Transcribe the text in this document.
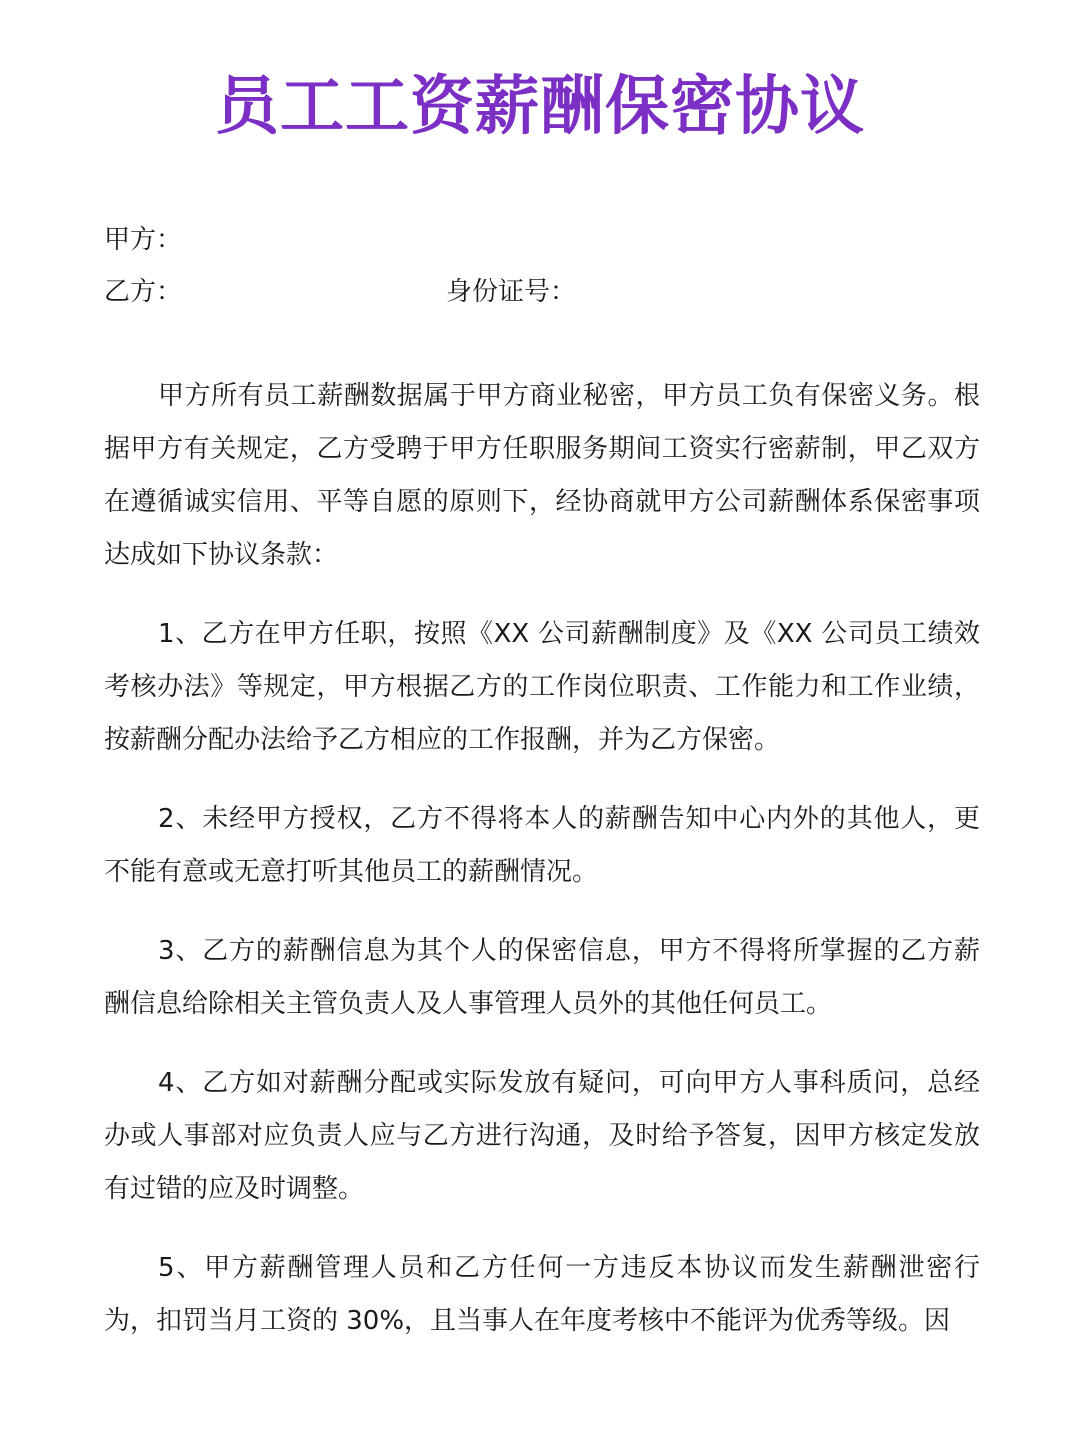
员工工资薪酬保密协议
甲方：
乙方：	身份证号：

甲方所有员工薪酬数据属于甲方商业秘密，甲方员工负有保密义务。根据甲方有关规定，乙方受聘于甲方任职服务期间工资实行密薪制，甲乙双方在遵循诚实信用、平等自愿的原则下，经协商就甲方公司薪酬体系保密事项达成如下协议条款：

1、乙方在甲方任职，按照《XX 公司薪酬制度》及《XX 公司员工绩效考核办法》等规定，甲方根据乙方的工作岗位职责、工作能力和工作业绩，按薪酬分配办法给予乙方相应的工作报酬，并为乙方保密。

2、未经甲方授权，乙方不得将本人的薪酬告知中心内外的其他人，更不能有意或无意打听其他员工的薪酬情况。

3、乙方的薪酬信息为其个人的保密信息，甲方不得将所掌握的乙方薪酬信息给除相关主管负责人及人事管理人员外的其他任何员工。

4、乙方如对薪酬分配或实际发放有疑问，可向甲方人事科质问，总经办或人事部对应负责人应与乙方进行沟通，及时给予答复，因甲方核定发放有过错的应及时调整。

5、甲方薪酬管理人员和乙方任何一方违反本协议而发生薪酬泄密行为，扣罚当月工资的 30%，且当事人在年度考核中不能评为优秀等级。因
